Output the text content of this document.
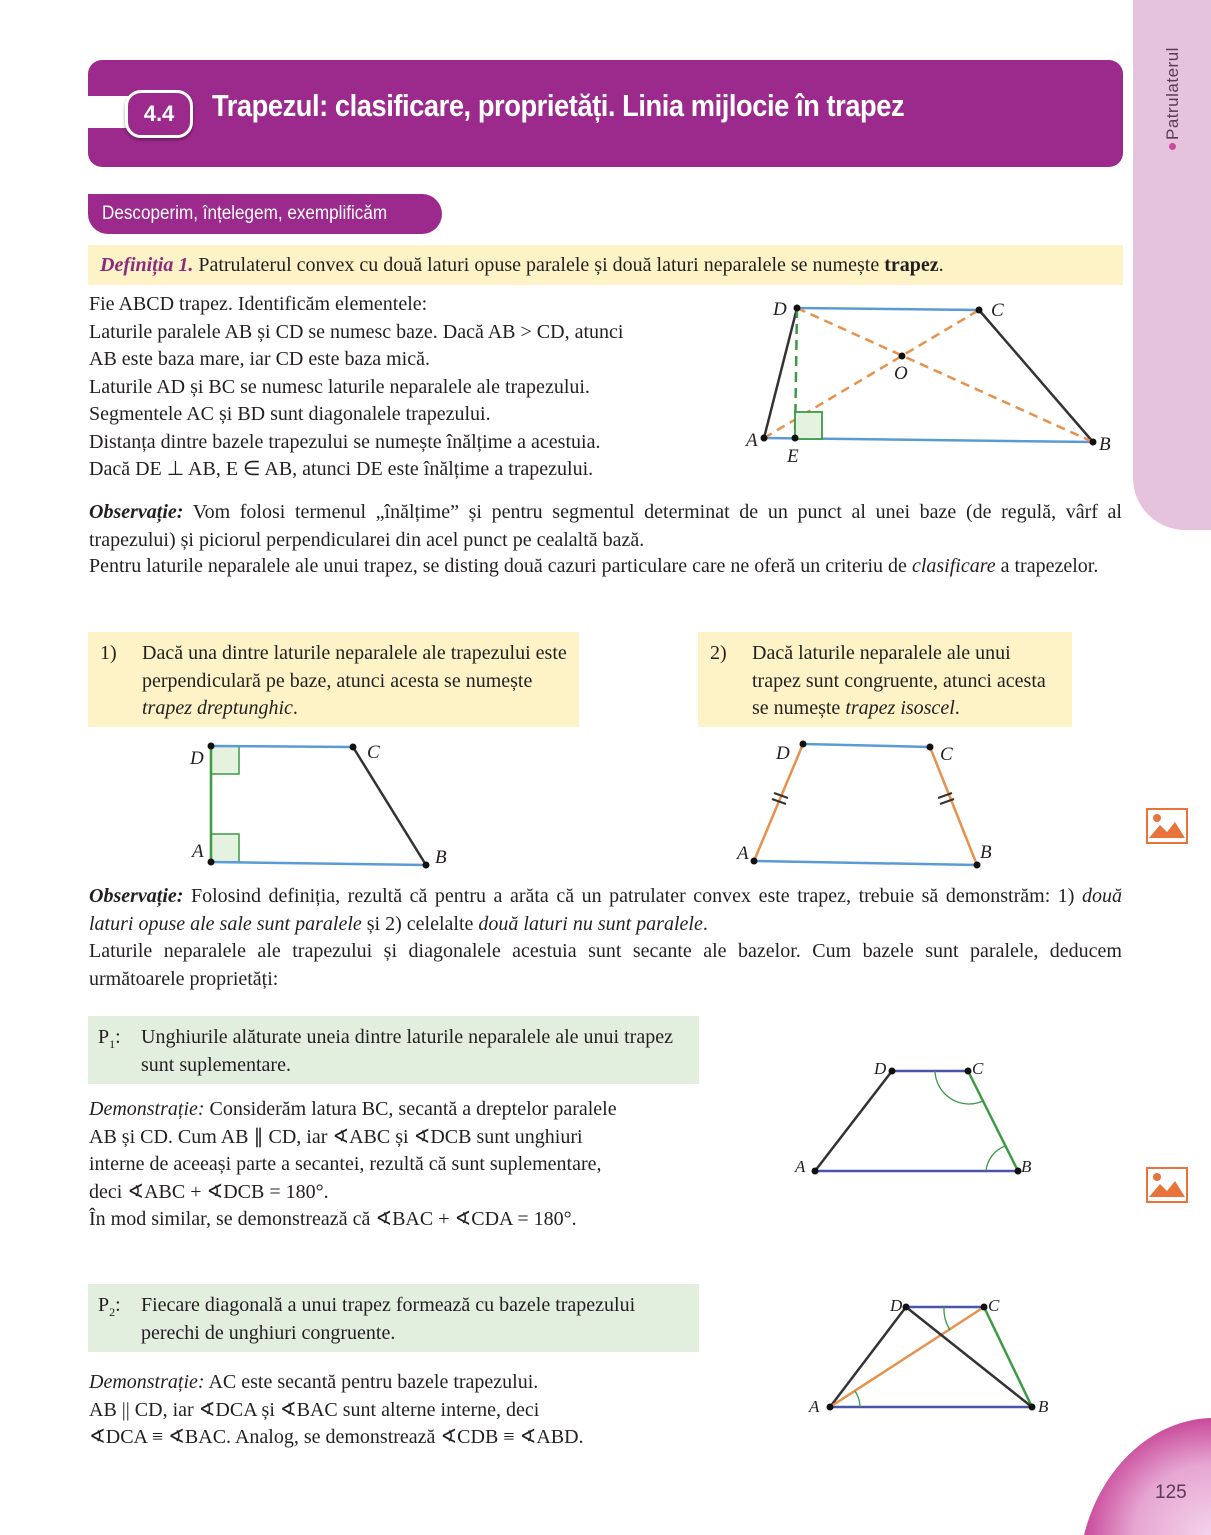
Patrulaterul
4.4	Trapezul: clasificare, proprietăți. Linia mijlocie în trapez
Descoperim, înțelegem, exemplificăm
Definiția 1. Patrulaterul convex cu două laturi opuse paralele și două laturi neparalele se numește trapez.
Fie ABCD trapez. Identificăm elementele:
Laturile paralele AB și CD se numesc baze. Dacă AB > CD, atunci
AB este baza mare, iar CD este baza mică.
Laturile AD și BC se numesc laturile neparalele ale trapezului.
Segmentele AC și BD sunt diagonalele trapezului.
Distanța dintre bazele trapezului se numește înălțime a acestuia.
Dacă DE ⊥ AB, E ∈ AB, atunci DE este înălțime a trapezului.
D	C
O
A
E
B
Observație: Vom folosi termenul „înălțime” și pentru segmentul determinat de un punct al unei baze (de regulă, vârf al trapezului) și piciorul perpendicularei din acel punct pe cealaltă bază.
Pentru laturile neparalele ale unui trapez, se disting două cazuri particulare care ne oferă un criteriu de clasificare a trapezelor.
1) Dacă una dintre laturile neparalele ale trapezului este perpendiculară pe baze, atunci acesta se numește trapez dreptunghic.
2) Dacă laturile neparalele ale unui trapez sunt congruente, atunci acesta se numește trapez isoscel.
D	C
A	B
D	C
A	B
Observație: Folosind definiția, rezultă că pentru a arăta că un patrulater convex este trapez, trebuie să demonstrăm: 1) două laturi opuse ale sale sunt paralele și 2) celelalte două laturi nu sunt paralele.
Laturile neparalele ale trapezului și diagonalele acestuia sunt secante ale bazelor. Cum bazele sunt paralele, deducem următoarele proprietăți:
$P_1$: Unghiurile alăturate uneia dintre laturile neparalele ale unui trapez sunt suplementare.
Demonstrație: Considerăm latura BC, secantă a dreptelor paralele
AB și CD. Cum AB ∥ CD, iar ∢ABC și ∢DCB sunt unghiuri
interne de aceeași parte a secantei, rezultă că sunt suplementare,
deci ∢ABC + ∢DCB = 180°.
În mod similar, se demonstrează că ∢BAC + ∢CDA = 180°.
D	C
A	B
$P_2$: Fiecare diagonală a unui trapez formează cu bazele trapezului perechi de unghiuri congruente.
Demonstrație: AC este secantă pentru bazele trapezului.
AB || CD, iar ∢DCA și ∢BAC sunt alterne interne, deci
∢DCA ≡ ∢BAC. Analog, se demonstrează ∢CDB ≡ ∢ABD.
D	C
A	B
125
